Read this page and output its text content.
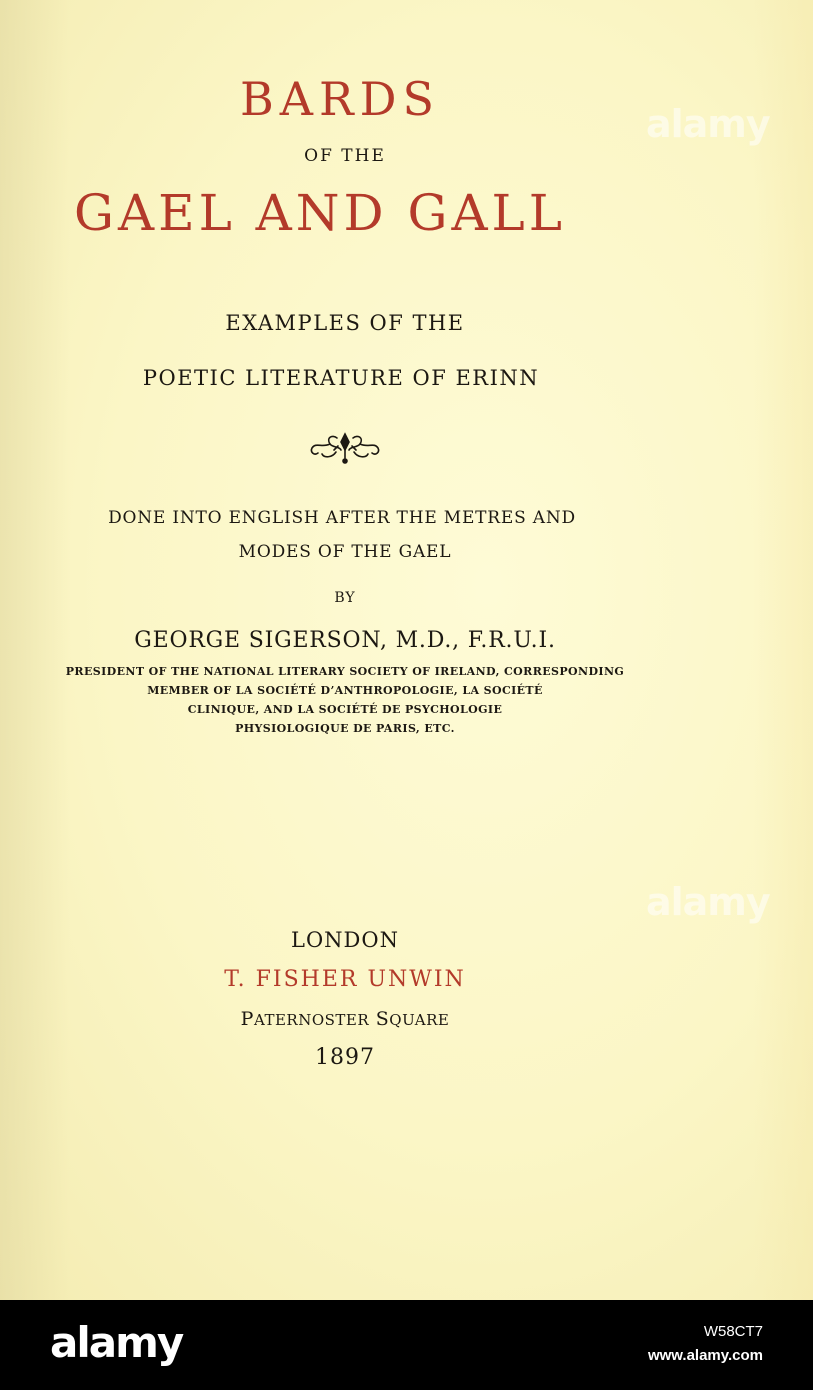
BARDS
OF THE
GAEL AND GALL
EXAMPLES OF THE
POETIC LITERATURE OF ERINN
DONE INTO ENGLISH AFTER THE METRES AND
MODES OF THE GAEL
BY
GEORGE SIGERSON, M.D., F.R.U.I.
PRESIDENT OF THE NATIONAL LITERARY SOCIETY OF IRELAND, CORRESPONDING
MEMBER OF LA SOCIÉTÉ D’ANTHROPOLOGIE, LA SOCIÉTÉ
CLINIQUE, AND LA SOCIÉTÉ DE PSYCHOLOGIE
PHYSIOLOGIQUE DE PARIS, ETC.
LONDON
T. FISHER UNWIN
PATERNOSTER SQUARE
1897
alamy
alamy
alamy	W58CT7
www.alamy.com
